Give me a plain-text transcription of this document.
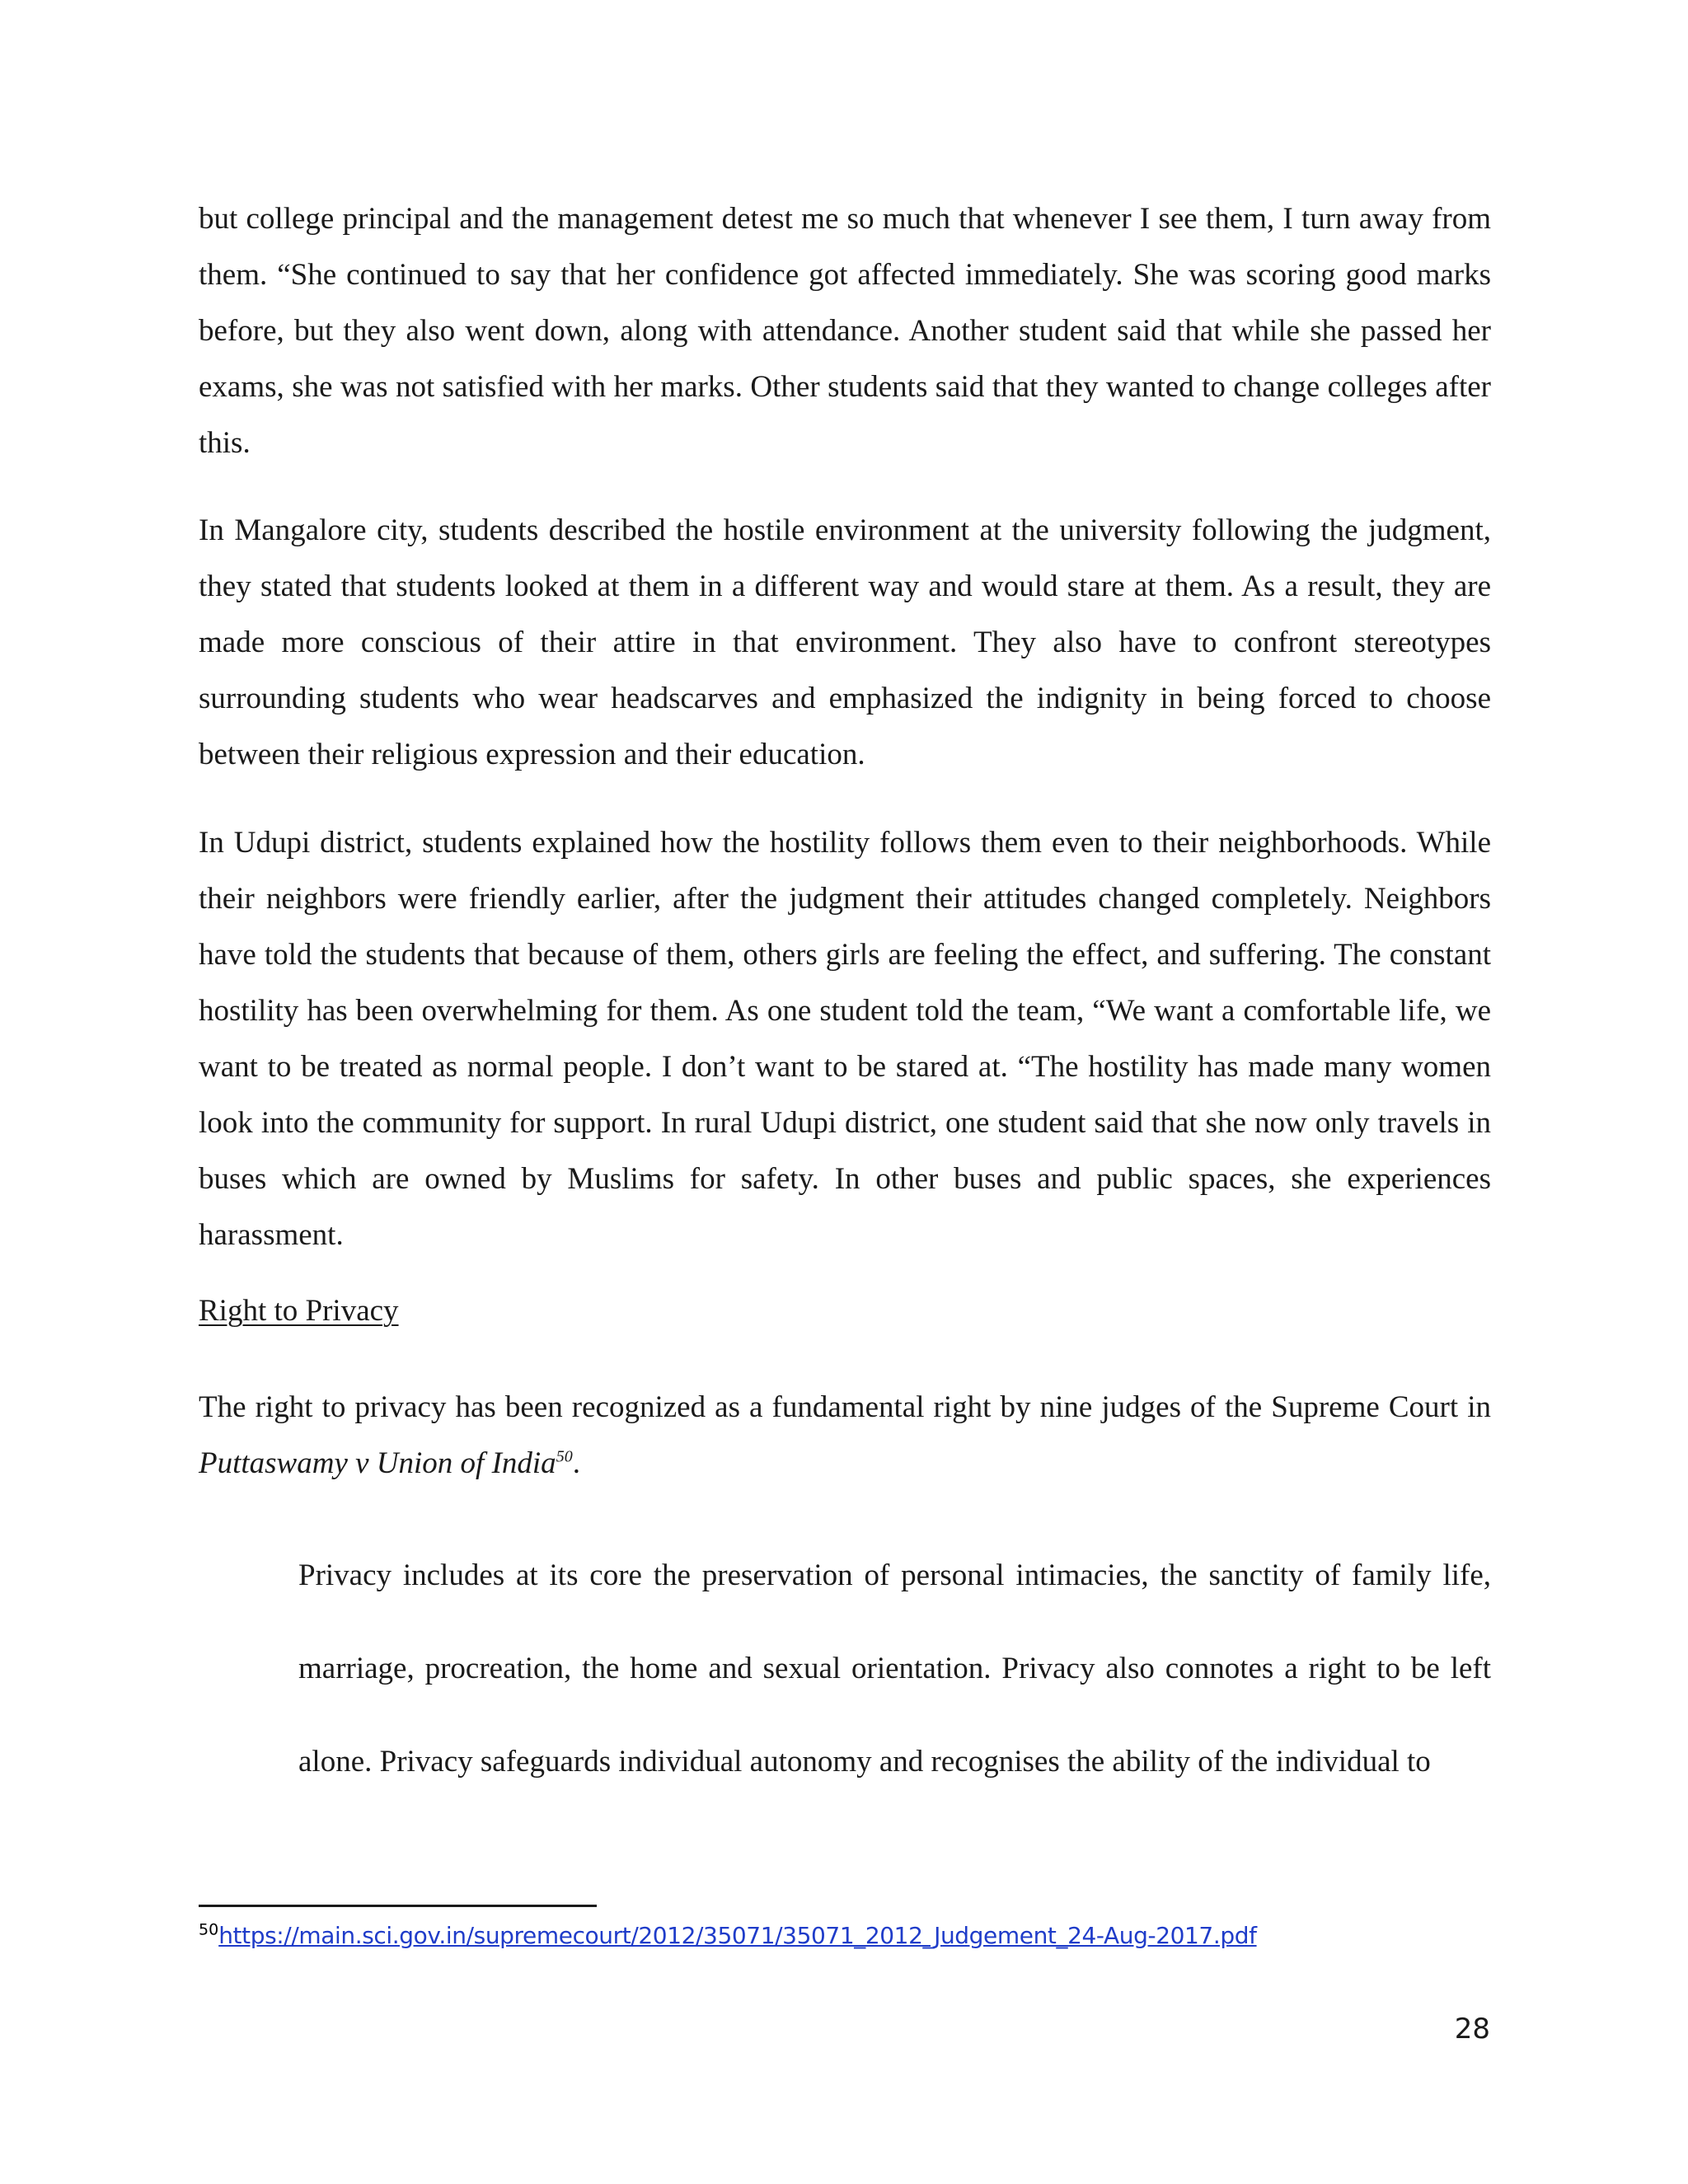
but college principal and the management detest me so much that whenever I see them, I turn away from them. “She continued to say that her confidence got affected immediately. She was scoring good marks before, but they also went down, along with attendance. Another student said that while she passed her exams, she was not satisfied with her marks. Other students said that they wanted to change colleges after this.

In Mangalore city, students described the hostile environment at the university following the judgment, they stated that students looked at them in a different way and would stare at them. As a result, they are made more conscious of their attire in that environment. They also have to confront stereotypes surrounding students who wear headscarves and emphasized the indignity in being forced to choose between their religious expression and their education.

In Udupi district, students explained how the hostility follows them even to their neighborhoods. While their neighbors were friendly earlier, after the judgment their attitudes changed completely. Neighbors have told the students that because of them, others girls are feeling the effect, and suffering. The constant hostility has been overwhelming for them. As one student told the team, “We want a comfortable life, we want to be treated as normal people. I don’t want to be stared at. “The hostility has made many women look into the community for support. In rural Udupi district, one student said that she now only travels in buses which are owned by Muslims for safety. In other buses and public spaces, she experiences harassment.

Right to Privacy

The right to privacy has been recognized as a fundamental right by nine judges of the Supreme Court in Puttaswamy v Union of India$^{50}$.

Privacy includes at its core the preservation of personal intimacies, the sanctity of family life, marriage, procreation, the home and sexual orientation. Privacy also connotes a right to be left alone. Privacy safeguards individual autonomy and recognises the ability of the individual to

$^{50}$https://main.sci.gov.in/supremecourt/2012/35071/35071_2012_Judgement_24-Aug-2017.pdf
28
